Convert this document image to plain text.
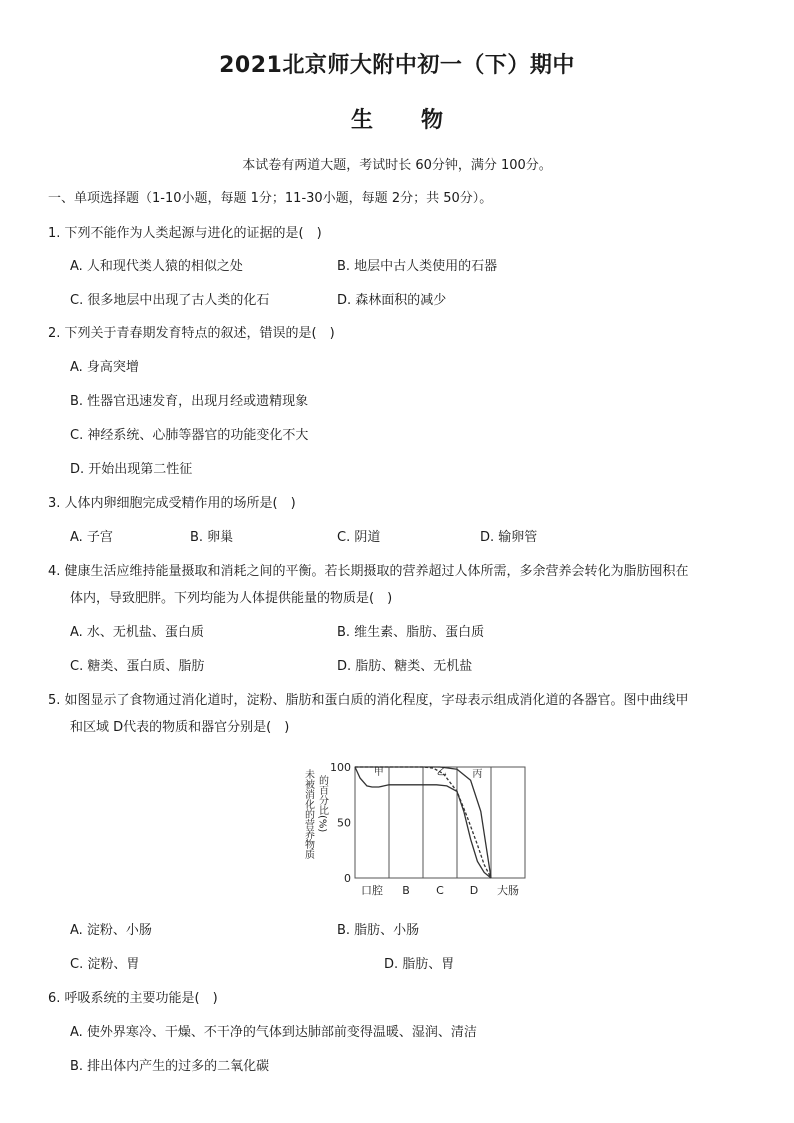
2021北京师大附中初一（下）期中
生 物
本试卷有两道大题，考试时长 60分钟，满分 100分。
一、单项选择题（1-10小题，每题 1分；11-30小题，每题 2分；共 50分）。
1. 下列不能作为人类起源与进化的证据的是(　)
A. 人和现代类人猿的相似之处	B. 地层中古人类使用的石器
C. 很多地层中出现了古人类的化石	D. 森林面积的减少
2. 下列关于青春期发育特点的叙述，错误的是(　)
A. 身高突增
B. 性器官迅速发育，出现月经或遗精现象
C. 神经系统、心肺等器官的功能变化不大
D. 开始出现第二性征
3. 人体内卵细胞完成受精作用的场所是(　)
A. 子宫	B. 卵巢	C. 阴道	D. 输卵管
4. 健康生活应维持能量摄取和消耗之间的平衡。若长期摄取的营养超过人体所需，多余营养会转化为脂肪囤积在
体内，导致肥胖。下列均能为人体提供能量的物质是(　)
A. 水、无机盐、蛋白质	B. 维生素、脂肪、蛋白质
C. 糖类、蛋白质、脂肪	D. 脂肪、糖类、无机盐
5. 如图显示了食物通过消化道时，淀粉、脂肪和蛋白质的消化程度，字母表示组成消化道的各器官。图中曲线甲
和区域 D代表的物质和器官分别是(　)
未被消化的营养物质 的百分比(%)
100
50
0
口腔 B C D 大肠
甲	乙	丙
A. 淀粉、小肠	B. 脂肪、小肠
C. 淀粉、胃	D. 脂肪、胃
6. 呼吸系统的主要功能是(　)
A. 使外界寒冷、干燥、不干净的气体到达肺部前变得温暖、湿润、清洁
B. 排出体内产生的过多的二氧化碳
